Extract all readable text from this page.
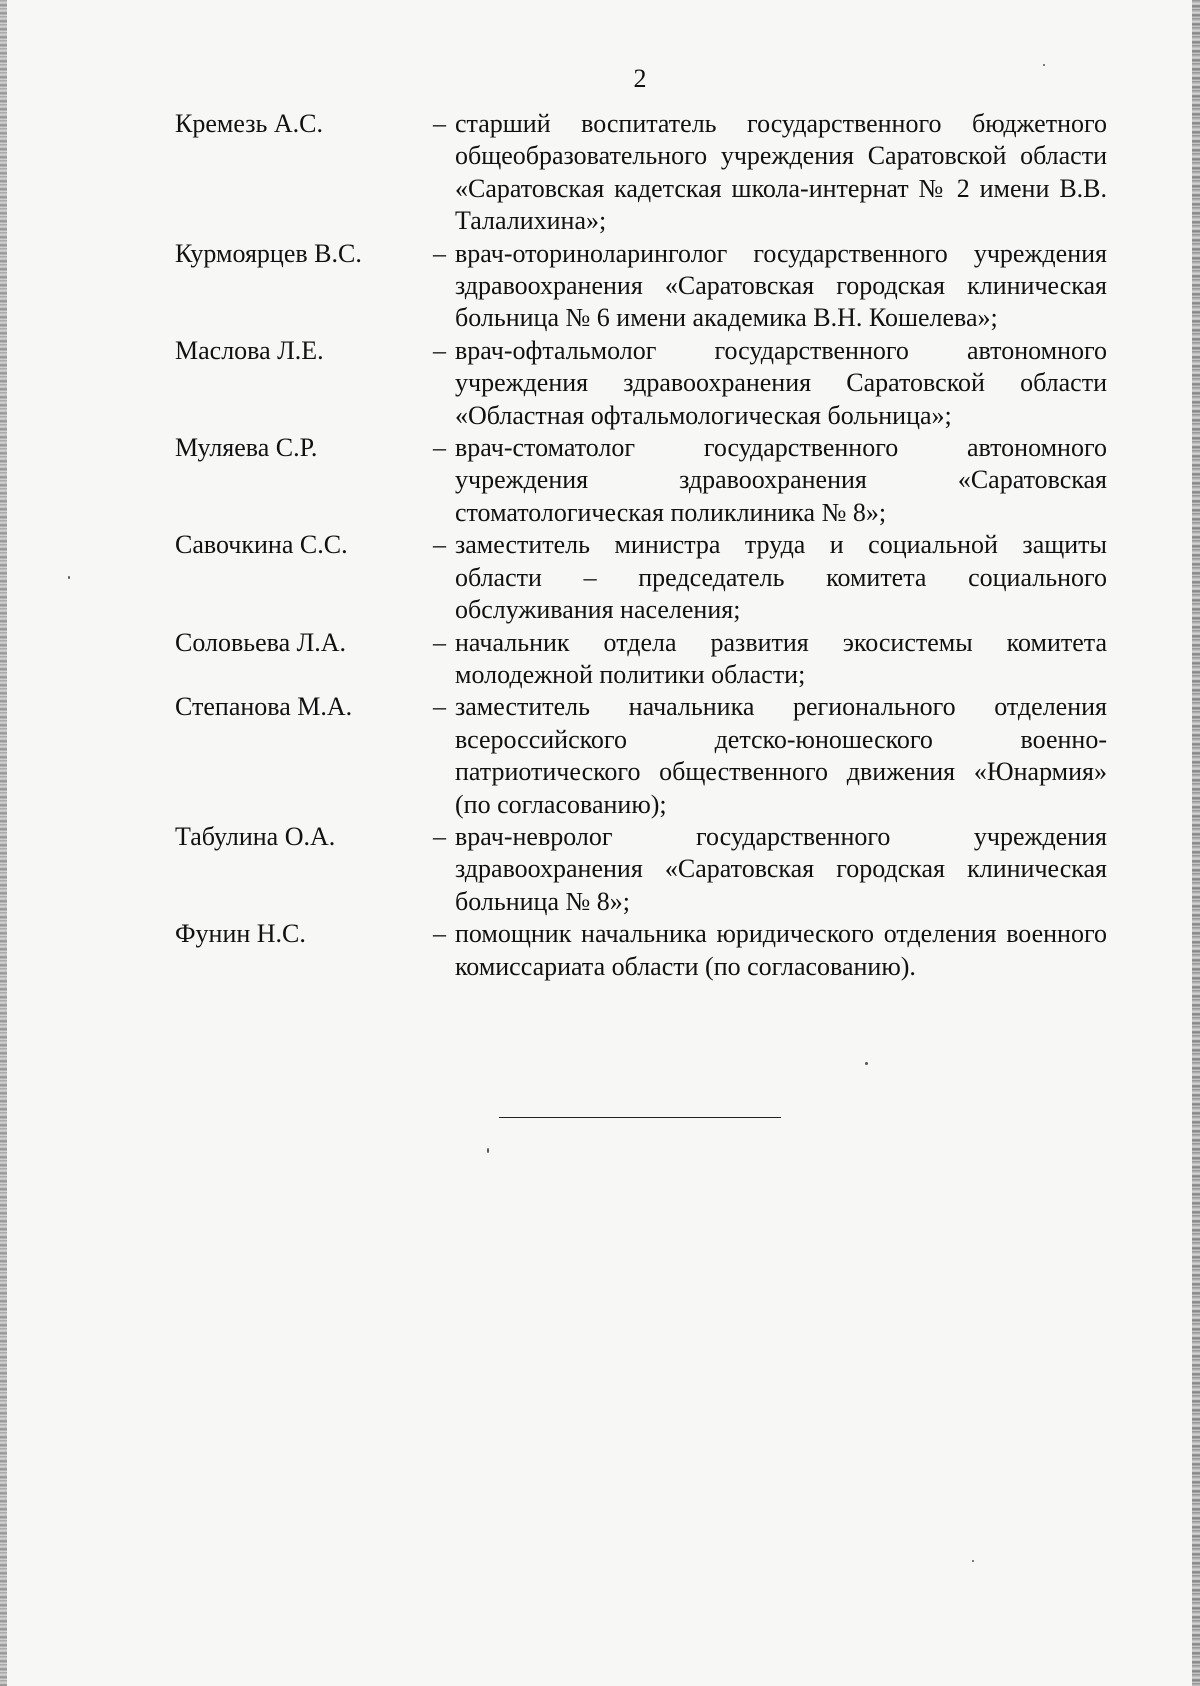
2
Кремезь А.С.	– старший воспитатель государственного бюджетного общеобразовательного учреждения Саратовской области «Саратовская кадетская школа-интернат № 2 имени В.В. Талалихина»;
Курмоярцев В.С.	– врач-оториноларинголог государственного учреждения здравоохранения «Саратовская городская клиническая больница № 6 имени академика В.Н. Кошелева»;
Маслова Л.Е.	– врач-офтальмолог государственного автономного учреждения здравоохранения Саратовской области «Областная офтальмологическая больница»;
Муляева С.Р.	– врач-стоматолог государственного автономного учреждения здравоохранения «Саратовская стоматологическая поликлиника № 8»;
Савочкина С.С.	– заместитель министра труда и социальной защиты области – председатель комитета социального обслуживания населения;
Соловьева Л.А.	– начальник отдела развития экосистемы комитета молодежной политики области;
Степанова М.А.	– заместитель начальника регионального отделения всероссийского детско-юношеского военно-патриотического общественного движения «Юнармия» (по согласованию);
Табулина О.А.	– врач-невролог государственного учреждения здравоохранения «Саратовская городская клиническая больница № 8»;
Фунин Н.С.	– помощник начальника юридического отделения военного комиссариата области (по согласованию).
